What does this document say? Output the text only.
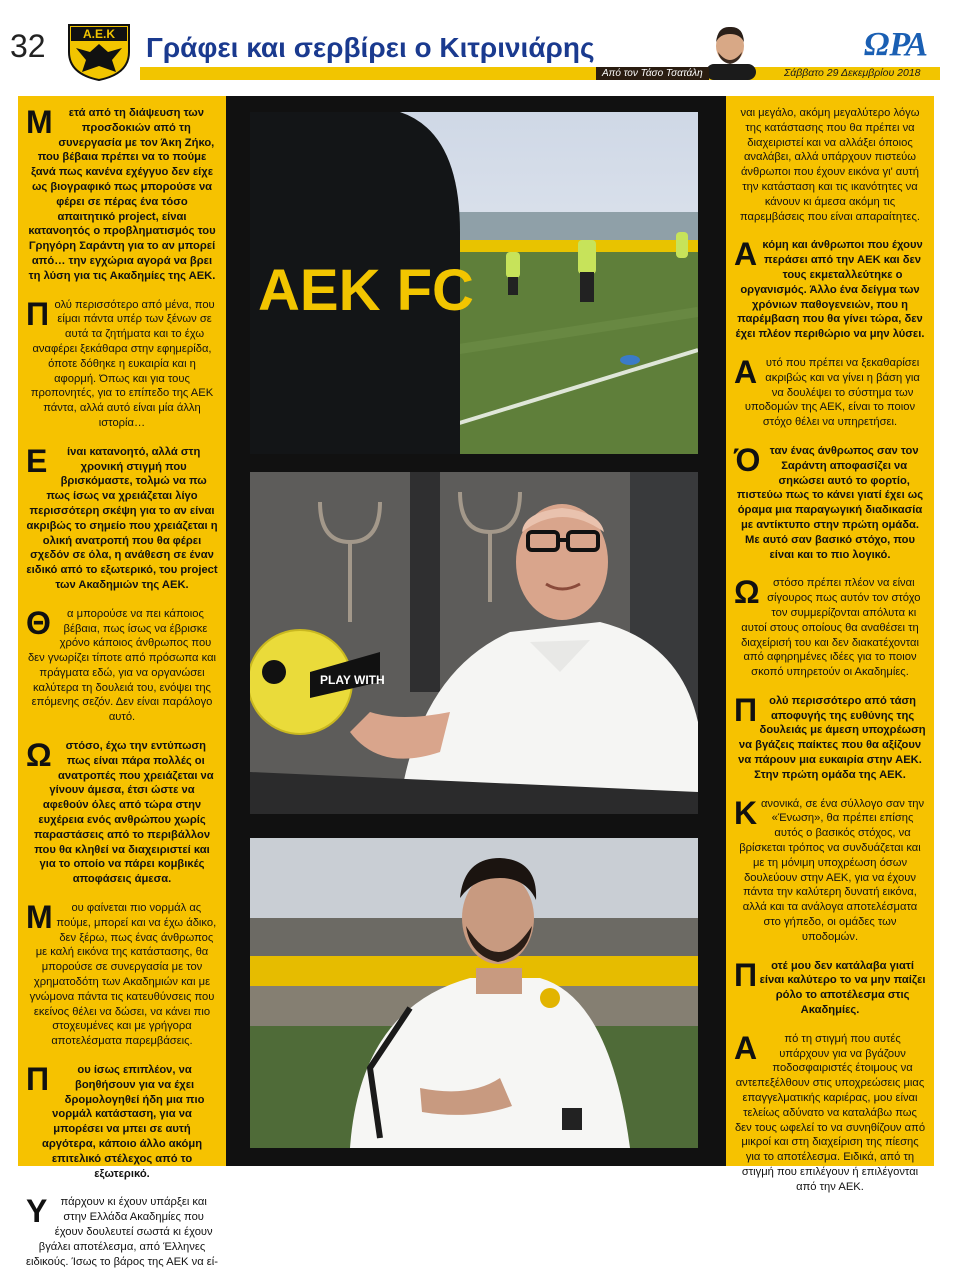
32	Α.Ε.Κ Γράφει και σερβίρει ο Κιτρινιάρης
Από τον Τάσο Τσατάλη	Σάββατο 29 Δεκεμβρίου 2018
ΩΡΑ

Μ ετά από τη διάψευση των προσδοκιών από τη συνεργασία με τον Άκη Ζήκο, που βέβαια πρέπει να το πούμε ξανά πως κανένα εχέγγυο δεν είχε ως βιογραφικό πως μπορούσε να φέρει σε πέρας ένα τόσο απαιτητικό project, είναι κατανοητός ο προβληματισμός του Γρηγόρη Σαράντη για το αν μπορεί από… την εγχώρια αγορά να βρει τη λύση για τις Ακαδημίες της ΑΕΚ.

Πολύ περισσότερο από μένα, που είμαι πάντα υπέρ των ξένων σε αυτά τα ζητήματα και το έχω αναφέρει ξεκάθαρα στην εφημερίδα, όποτε δόθηκε η ευκαιρία και η αφορμή. Όπως και για τους προπονητές, για το επίπεδο της ΑΕΚ πάντα, αλλά αυτό είναι μία άλλη ιστορία…

Ε ίναι κατανοητό, αλλά στη χρονική στιγμή που βρισκόμαστε, τολμώ να πω πως ίσως να χρειάζεται λίγο περισσότερη σκέψη για το αν είναι ακριβώς το σημείο που χρειάζεται η ολική ανατροπή που θα φέρει σχεδόν σε όλα, η ανάθεση σε έναν ειδικό από το εξωτερικό, του project των Ακαδημιών της ΑΕΚ.

Θ α μπορούσε να πει κάποιος βέβαια, πως ίσως να έβρισκε χρόνο κάποιος άνθρωπος που δεν γνωρίζει τίποτε από πρόσωπα και πράγματα εδώ, για να οργανώσει καλύτερα τη δουλειά του, ενόψει της επόμενης σεζόν. Δεν είναι παράλογο αυτό.

Ω στόσο, έχω την εντύπωση πως είναι πάρα πολλές οι ανατροπές που χρειάζεται να γίνουν άμεσα, έτσι ώστε να αφεθούν όλες από τώρα στην ευχέρεια ενός ανθρώπου χωρίς παραστάσεις από το περιβάλλον που θα κληθεί να διαχειριστεί και για το οποίο να πάρει κομβικές αποφάσεις άμεσα.

Μ ου φαίνεται πιο νορμάλ ας πούμε, μπορεί και να έχω άδικο, δεν ξέρω, πως ένας άνθρωπος με καλή εικόνα της κατάστασης, θα μπορούσε σε συνεργασία με τον χρηματοδότη των Ακαδημιών και με γνώμονα πάντα τις κατευθύνσεις που εκείνος θέλει να δώσει, να κάνει πιο στοχευμένες και με γρήγορα αποτελέσματα παρεμβάσεις.

Π	ου ίσως επιπλέον, να βοηθήσουν για να έχει δρομολογηθεί ήδη μια πιο νορμάλ κατάσταση, για να μπορέσει να μπει σε αυτή αργότερα, κάποιο άλλο ακόμη επιτελικό στέλεχος από το εξωτερικό.

Υ πάρχουν κι έχουν υπάρξει και στην Ελλάδα Ακαδημίες που έχουν δουλευτεί σωστά κι έχουν βγάλει αποτέλεσμα, από Έλληνες ειδικούς. Ίσως το βάρος της ΑΕΚ να εί-

ναι μεγάλο, ακόμη μεγαλύτερο λόγω της κατάστασης που θα πρέπει να διαχειριστεί και να αλλάξει όποιος αναλάβει, αλλά υπάρχουν πιστεύω άνθρωποι που έχουν εικόνα γι' αυτή την κατάσταση και τις ικανότητες να κάνουν κι άμεσα ακόμη τις παρεμβάσεις που είναι απαραίτητες.

Ακόμη και άνθρωποι που έχουν περάσει από την ΑΕΚ και δεν τους εκμεταλλεύτηκε ο οργανισμός. Άλλο ένα δείγμα των χρόνιων παθογενειών, που η παρέμβαση που θα γίνει τώρα, δεν έχει πλέον περιθώριο να μην λύσει.

Αυτό που πρέπει να ξεκαθαρίσει ακριβώς και να γίνει η βάση για να δουλέψει το σύστημα των υποδομών της ΑΕΚ, είναι το ποιον στόχο θέλει να υπηρετήσει.

Όταν ένας άνθρωπος σαν τον Σαράντη αποφασίζει να σηκώσει αυτό το φορτίο, πιστεύω πως το κάνει γιατί έχει ως όραμα μια παραγωγική διαδικασία με αντίκτυπο στην πρώτη ομάδα. Με αυτό σαν βασικό στόχο, που είναι και το πιο λογικό.

Ω στόσο πρέπει πλέον να είναι σίγουρος πως αυτόν τον στόχο τον συμμερίζονται απόλυτα κι αυτοί στους οποίους θα αναθέσει τη διαχείρισή του και δεν διακατέχονται από αφηρημένες ιδέες για το ποιον σκοπό υπηρετούν οι Ακαδημίες.

Π ολύ περισσότερο από τάση αποφυγής της ευθύνης της δουλειάς με άμεση υποχρέωση να βγάζεις παίκτες που θα αξίζουν να πάρουν μια ευκαιρία στην ΑΕΚ. Στην πρώτη ομάδα της ΑΕΚ.

Κανονικά, σε ένα σύλλογο σαν την «Ένωση», θα πρέπει επίσης αυτός ο βασικός στόχος, να βρίσκεται τρόπος να συνδυάζεται και με τη μόνιμη υποχρέωση όσων δουλεύουν στην ΑΕΚ, για να έχουν πάντα την καλύτερη δυνατή εικόνα, αλλά και τα ανάλογα αποτελέσματα στο γήπεδο, οι ομάδες των υποδομών.

Π οτέ μου δεν κατάλαβα γιατί είναι καλύτερο το να μην παίζει ρόλο το αποτέλεσμα στις Ακαδημίες.

Α πό τη στιγμή που αυτές υπάρχουν για να βγάζουν ποδοσφαιριστές έτοιμους να αντεπεξέλθουν στις υποχρεώσεις μιας επαγγελματικής καριέρας, μου είναι τελείως αδύνατο να καταλάβω πως δεν τους ωφελεί το να συνηθίζουν από μικροί και στη διαχείριση της πίεσης για το αποτέλεσμα. Ειδικά, από τη στιγμή που επιλέγουν ή επιλέγονται από την ΑΕΚ.

AEK FC
PLAY WITH
